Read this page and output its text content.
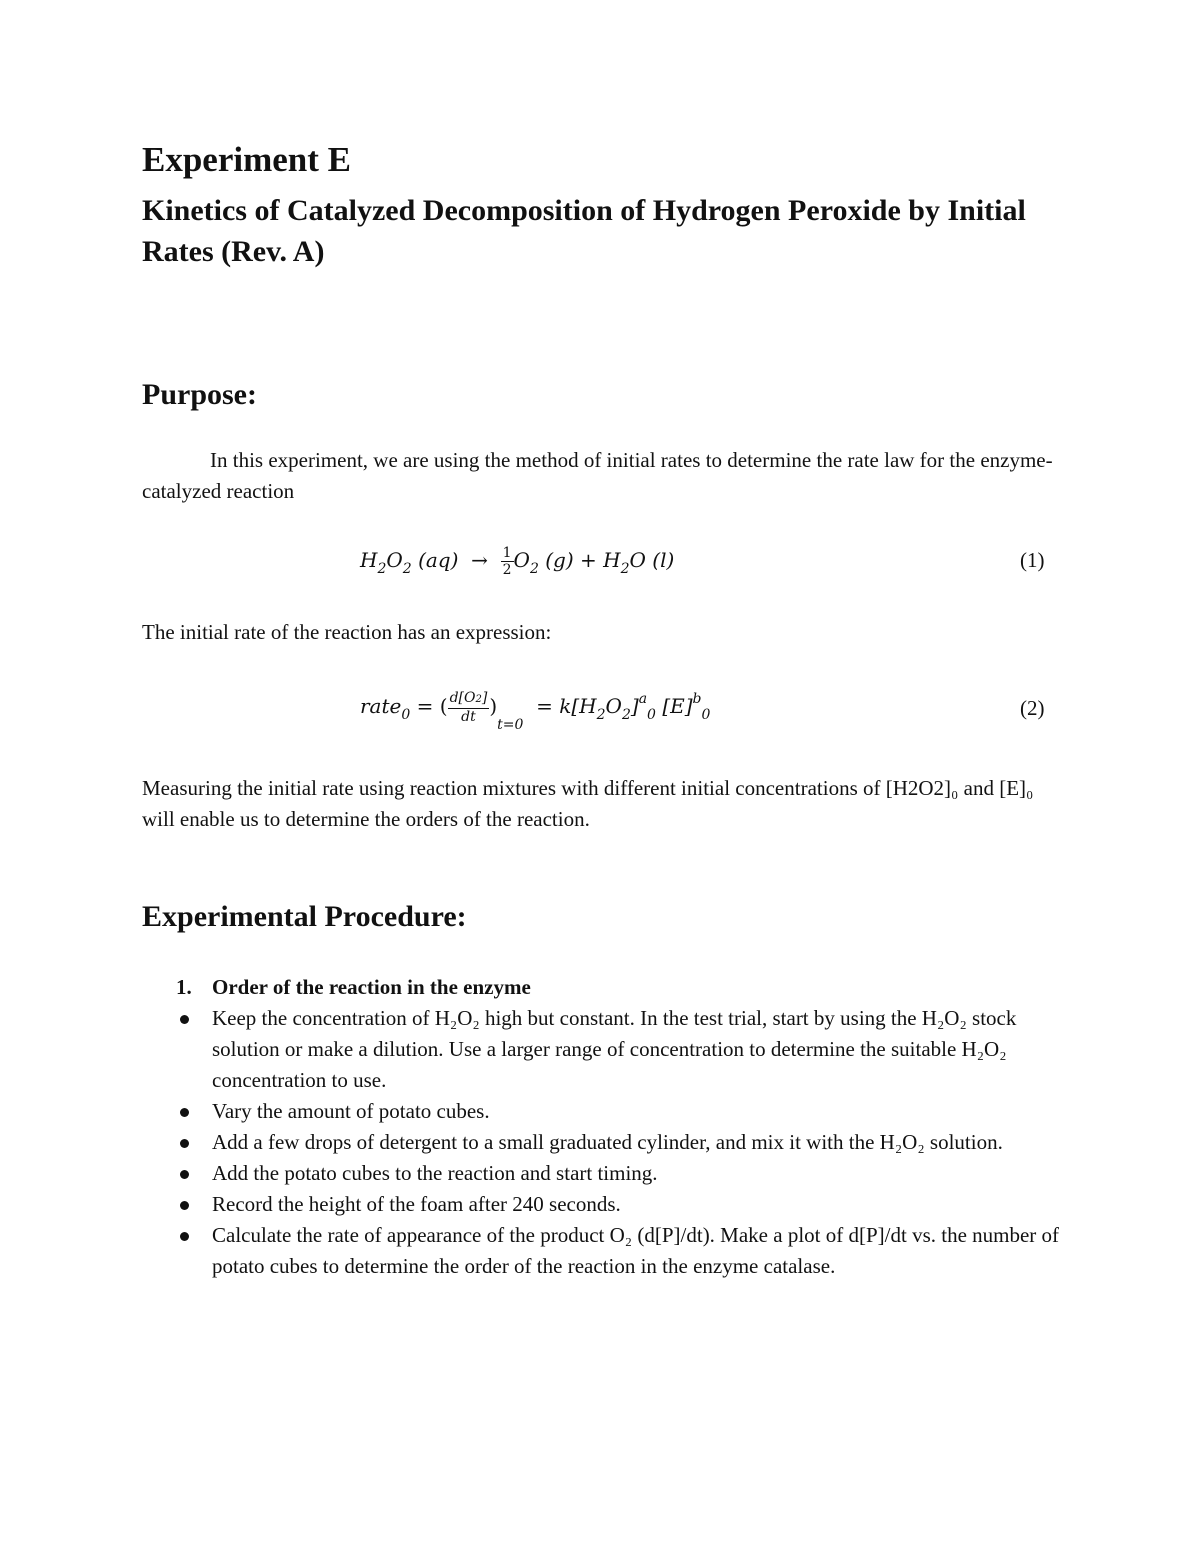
Experiment E
Kinetics of Catalyzed Decomposition of Hydrogen Peroxide by Initial Rates (Rev. A)
Purpose:

In this experiment, we are using the method of initial rates to determine the rate law for the enzyme-catalyzed reaction

$H_2O_2$ $(aq) \to \frac{1}{2} O_2$ $(g) + H_2O$ (l)	(1)

The initial rate of the reaction has an expression:

rate$_0$ = ( $\frac{d[O2]}{dt} )_{t=0} = k[H_2O_2]^a_0$ $[E]^b_0$	(2)

Measuring the initial rate using reaction mixtures with different initial concentrations of [H2O2]₀ and [E]₀ will enable us to determine the orders of the reaction.

Experimental Procedure:
1. Order of the reaction in the enzyme
Keep the concentration of H₂O₂ high but constant. In the test trial, start by using the H₂O₂ stock solution or make a dilution. Use a larger range of concentration to determine the suitable H₂O₂ concentration to use.
Vary the amount of potato cubes.
Add a few drops of detergent to a small graduated cylinder, and mix it with the H₂O₂ solution.
Add the potato cubes to the reaction and start timing.
Record the height of the foam after 240 seconds.
Calculate the rate of appearance of the product O₂ (d[P]/dt). Make a plot of d[P]/dt vs. the number of potato cubes to determine the order of the reaction in the enzyme catalase.
